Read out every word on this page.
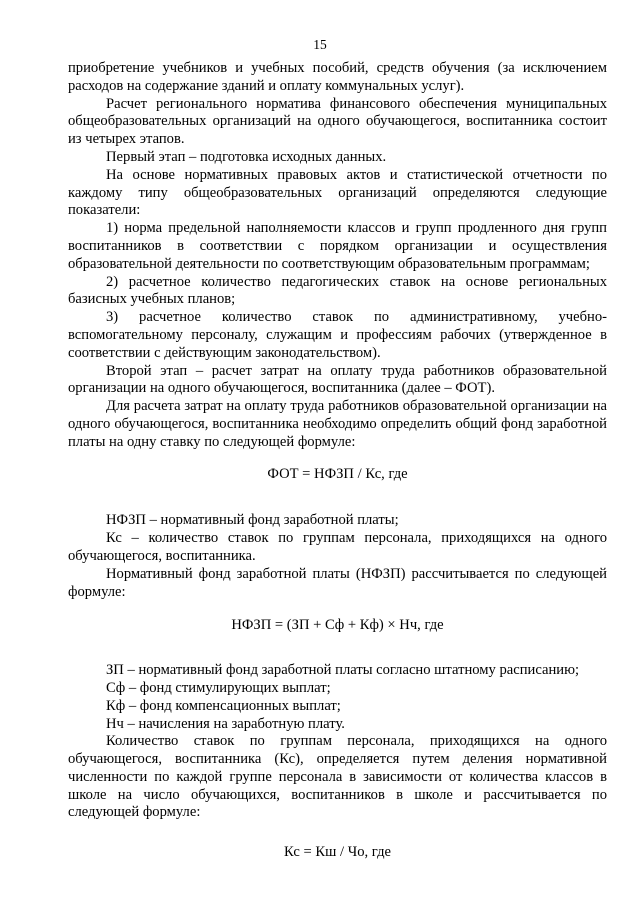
15

приобретение учебников и учебных пособий, средств обучения (за исключением расходов на содержание зданий и оплату коммунальных услуг).

Расчет регионального норматива финансового обеспечения муниципальных общеобразовательных организаций на одного обучающегося, воспитанника состоит из четырех этапов.

Первый этап – подготовка исходных данных.

На основе нормативных правовых актов и статистической отчетности по каждому типу общеобразовательных организаций определяются следующие показатели:

1) норма предельной наполняемости классов и групп продленного дня групп воспитанников в соответствии с порядком организации и осуществления образовательной деятельности по соответствующим образовательным программам;

2) расчетное количество педагогических ставок на основе региональных базисных учебных планов;

3) расчетное количество ставок по административному, учебно-вспомогательному персоналу, служащим и профессиям рабочих (утвержденное в соответствии с действующим законодательством).

Второй этап – расчет затрат на оплату труда работников образовательной организации на одного обучающегося, воспитанника (далее – ФОТ).

Для расчета затрат на оплату труда работников образовательной организации на одного обучающегося, воспитанника необходимо определить общий фонд заработной платы на одну ставку по следующей формуле:

ФОТ = НФЗП / Кс, где

НФЗП – нормативный фонд заработной платы;

Кс – количество ставок по группам персонала, приходящихся на одного обучающегося, воспитанника.

Нормативный фонд заработной платы (НФЗП) рассчитывается по следующей формуле:

НФЗП = (ЗП + Сф + Кф) × Нч, где

ЗП – нормативный фонд заработной платы согласно штатному расписанию;

Сф – фонд стимулирующих выплат;

Кф – фонд компенсационных выплат;

Нч – начисления на заработную плату.

Количество ставок по группам персонала, приходящихся на одного обучающегося, воспитанника (Кс), определяется путем деления нормативной численности по каждой группе персонала в зависимости от количества классов в школе на число обучающихся, воспитанников в школе и рассчитывается по следующей формуле:

Кс = Кш / Чо, где
